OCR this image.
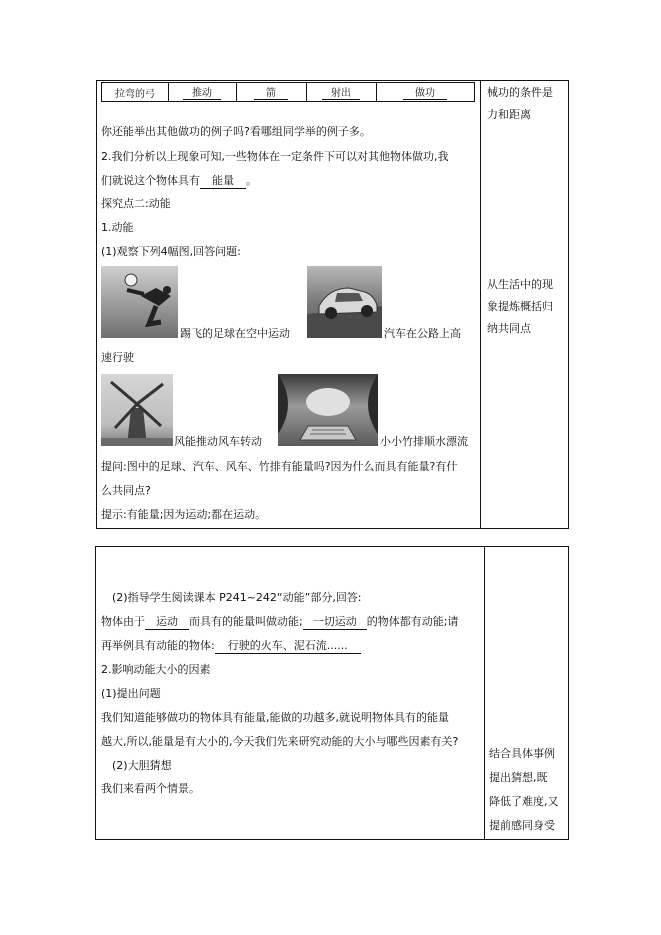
拉弯的弓	推动	箭	射出	做功	械功的条件是
力和距离
从生活中的现
象提炼概括归
纳共同点
你还能举出其他做功的例子吗?看哪组同学举的例子多。
2.我们分析以上现象可知,一些物体在一定条件下可以对其他物体做功,我
们就说这个物体具有 能量 。
探究点二:动能
1.动能
(1)观察下列4幅图,回答问题:
踢飞的足球在空中运动	汽车在公路上高
速行驶
风能推动风车转动	小小竹排顺水漂流
提问:图中的足球、汽车、风车、竹排有能量吗?因为什么而具有能量?有什
么共同点?
提示:有能量;因为运动;都在运动。
(2)指导学生阅读课本 P241~242“动能”部分,回答:
物体由于 运动 而具有的能量叫做动能; 一切运动 的物体都有动能;请
再举例具有动能的物体: 行驶的火车、泥石流......
2.影响动能大小的因素
(1)提出问题
我们知道能够做功的物体具有能量,能做的功越多,就说明物体具有的能量
越大,所以,能量是有大小的,今天我们先来研究动能的大小与哪些因素有关?
(2)大胆猜想
我们来看两个情景。
结合具体事例
提出猜想,既
降低了难度,又
提前感同身受
